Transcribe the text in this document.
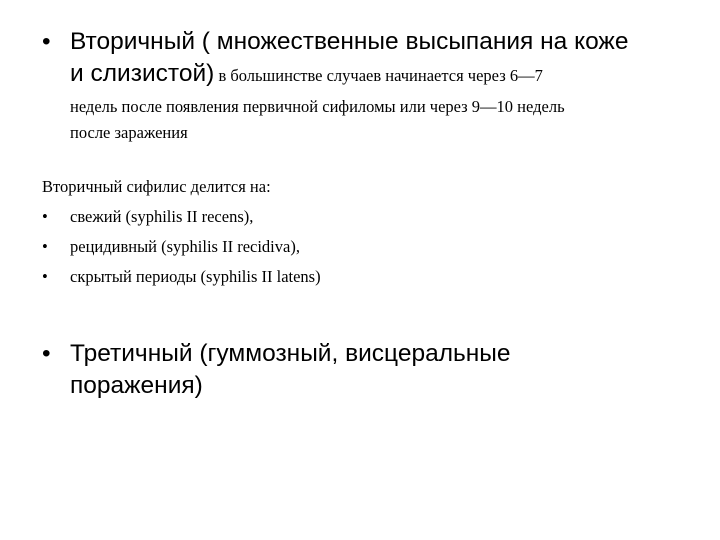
• Вторичный ( множественные высыпания на коже
и слизистой) в большинстве случаев начинается через 6—7
недель после появления первичной сифиломы или через 9—10 недель
после заражения
Вторичный сифилис делится на:
• свежий (syphilis II recens),
• рецидивный (syphilis II recidiva),
• скрытый периоды (syphilis II latens)
• Третичный (гуммозный, висцеральные
поражения)
